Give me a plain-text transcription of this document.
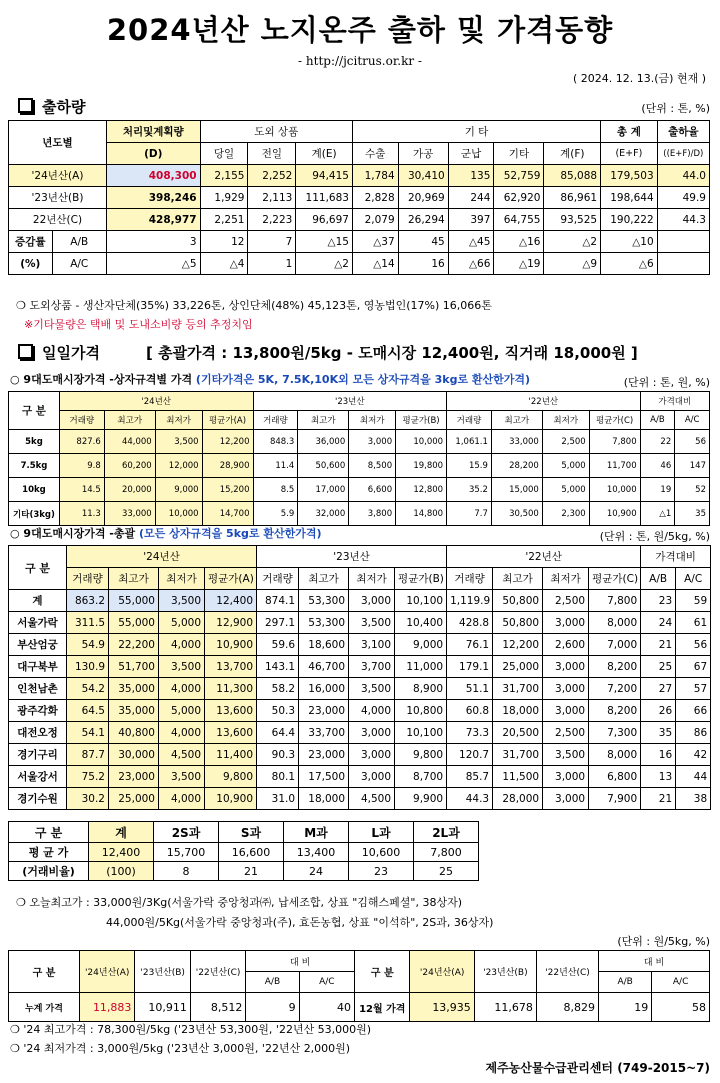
2024년산 노지온주 출하 및 가격동향
- http://jcitrus.or.kr -
( 2024. 12. 13.(금) 현재 )
출하량	(단위 : 톤, %)
년도별		처리및계획량	도외 상품			기 타					총 계	출하율
		(D)	당일	전일	계(E)	수출	가공	군납	기타	계(F)	(E+F)	((E+F)/D)
'24년산(A)		408,300	2,155	2,252	94,415	1,784	30,410	135	52,759	85,088	179,503	44.0
'23년산(B)		398,246	1,929	2,113	111,683	2,828	20,969	244	62,920	86,961	198,644	49.9
22년산(C)		428,977	2,251	2,223	96,697	2,079	26,294	397	64,755	93,525	190,222	44.3
증감률	A/B	3	12	7	△15	△37	45	△45	△16	△2	△10	
(%)	A/C	△5	△4	1	△2	△14	16	△66	△19	△9	△6	
❍ 도외상품 - 생산자단체(35%) 33,226톤, 상인단체(48%) 45,123톤, 영농법인(17%) 16,066톤
※기타물량은 택배 및 도내소비량 등의 추정치임
일일가격	[ 총괄가격 : 13,800원/5kg - 도매시장 12,400원, 직거래 18,000원 ]
○ 9대도매시장가격 -상자규격별 가격 (기타가격은 5K, 7.5K,10K외 모든 상자규격을 3kg로 환산한가격)	(단위 : 톤, 원, %)
구 분	'24년산				'23년산				'22년산				가격대비	
	거래량	최고가	최저가	평균가(A)	거래량	최고가	최저가	평균가(B)	거래량	최고가	최저가	평균가(C)	A/B	A/C
5kg	827.6	44,000	3,500	12,200	848.3	36,000	3,000	10,000	1,061.1	33,000	2,500	7,800	22	56
7.5kg	9.8	60,200	12,000	28,900	11.4	50,600	8,500	19,800	15.9	28,200	5,000	11,700	46	147
10kg	14.5	20,000	9,000	15,200	8.5	17,000	6,600	12,800	35.2	15,000	5,000	10,000	19	52
기타(3kg)	11.3	33,000	10,000	14,700	5.9	32,000	3,800	14,800	7.7	30,500	2,300	10,900	△1	35
○ 9대도매시장가격 -총괄 (모든 상자규격을 5kg로 환산한가격)	(단위 : 톤, 원/5kg, %)
구 분	'24년산				'23년산				'22년산				가격대비	
	거래량	최고가	최저가	평균가(A)	거래량	최고가	최저가	평균가(B)	거래량	최고가	최저가	평균가(C)	A/B	A/C
계	863.2	55,000	3,500	12,400	874.1	53,300	3,000	10,100	1,119.9	50,800	2,500	7,800	23	59
서울가락	311.5	55,000	5,000	12,900	297.1	53,300	3,500	10,400	428.8	50,800	3,000	8,000	24	61
부산엄궁	54.9	22,200	4,000	10,900	59.6	18,600	3,100	9,000	76.1	12,200	2,600	7,000	21	56
대구북부	130.9	51,700	3,500	13,700	143.1	46,700	3,700	11,000	179.1	25,000	3,000	8,200	25	67
인천남촌	54.2	35,000	4,000	11,300	58.2	16,000	3,500	8,900	51.1	31,700	3,000	7,200	27	57
광주각화	64.5	35,000	5,000	13,600	50.3	23,000	4,000	10,800	60.8	18,000	3,000	8,200	26	66
대전오정	54.1	40,800	4,000	13,600	64.4	33,700	3,000	10,100	73.3	20,500	2,500	7,300	35	86
경기구리	87.7	30,000	4,500	11,400	90.3	23,000	3,000	9,800	120.7	31,700	3,500	8,000	16	42
서울강서	75.2	23,000	3,500	9,800	80.1	17,500	3,000	8,700	85.7	11,500	3,000	6,800	13	44
경기수원	30.2	25,000	4,000	10,900	31.0	18,000	4,500	9,900	44.3	28,000	3,000	7,900	21	38
구 분	계	2S과	S과	M과	L과	2L과
평 균 가	12,400	15,700	16,600	13,400	10,600	7,800
(거래비율)	(100)	8	21	24	23	25
❍ 오늘최고가 : 33,000원/3Kg(서울가락 중앙청과㈜, 납세조합, 상표 "김해스페셜", 38상자)
44,000원/5Kg(서울가락 중앙청과(주), 효돈농협, 상표 "이석하", 2S과, 36상자)
(단위 : 원/5kg, %)
구 분	'24년산(A)	'23년산(B)	'22년산(C)	대 비		구 분	'24년산(A)	'23년산(B)	'22년산(C)	대 비	
				A/B	A/C					A/B	A/C
누계 가격	11,883	10,911	8,512	9	40	12월 가격	13,935	11,678	8,829	19	58
❍ '24 최고가격 : 78,300원/5kg ('23년산 53,300원, '22년산 53,000원)
❍ '24 최저가격 : 3,000원/5kg ('23년산 3,000원, '22년산 2,000원)
제주농산물수급관리센터 (749-2015~7)
